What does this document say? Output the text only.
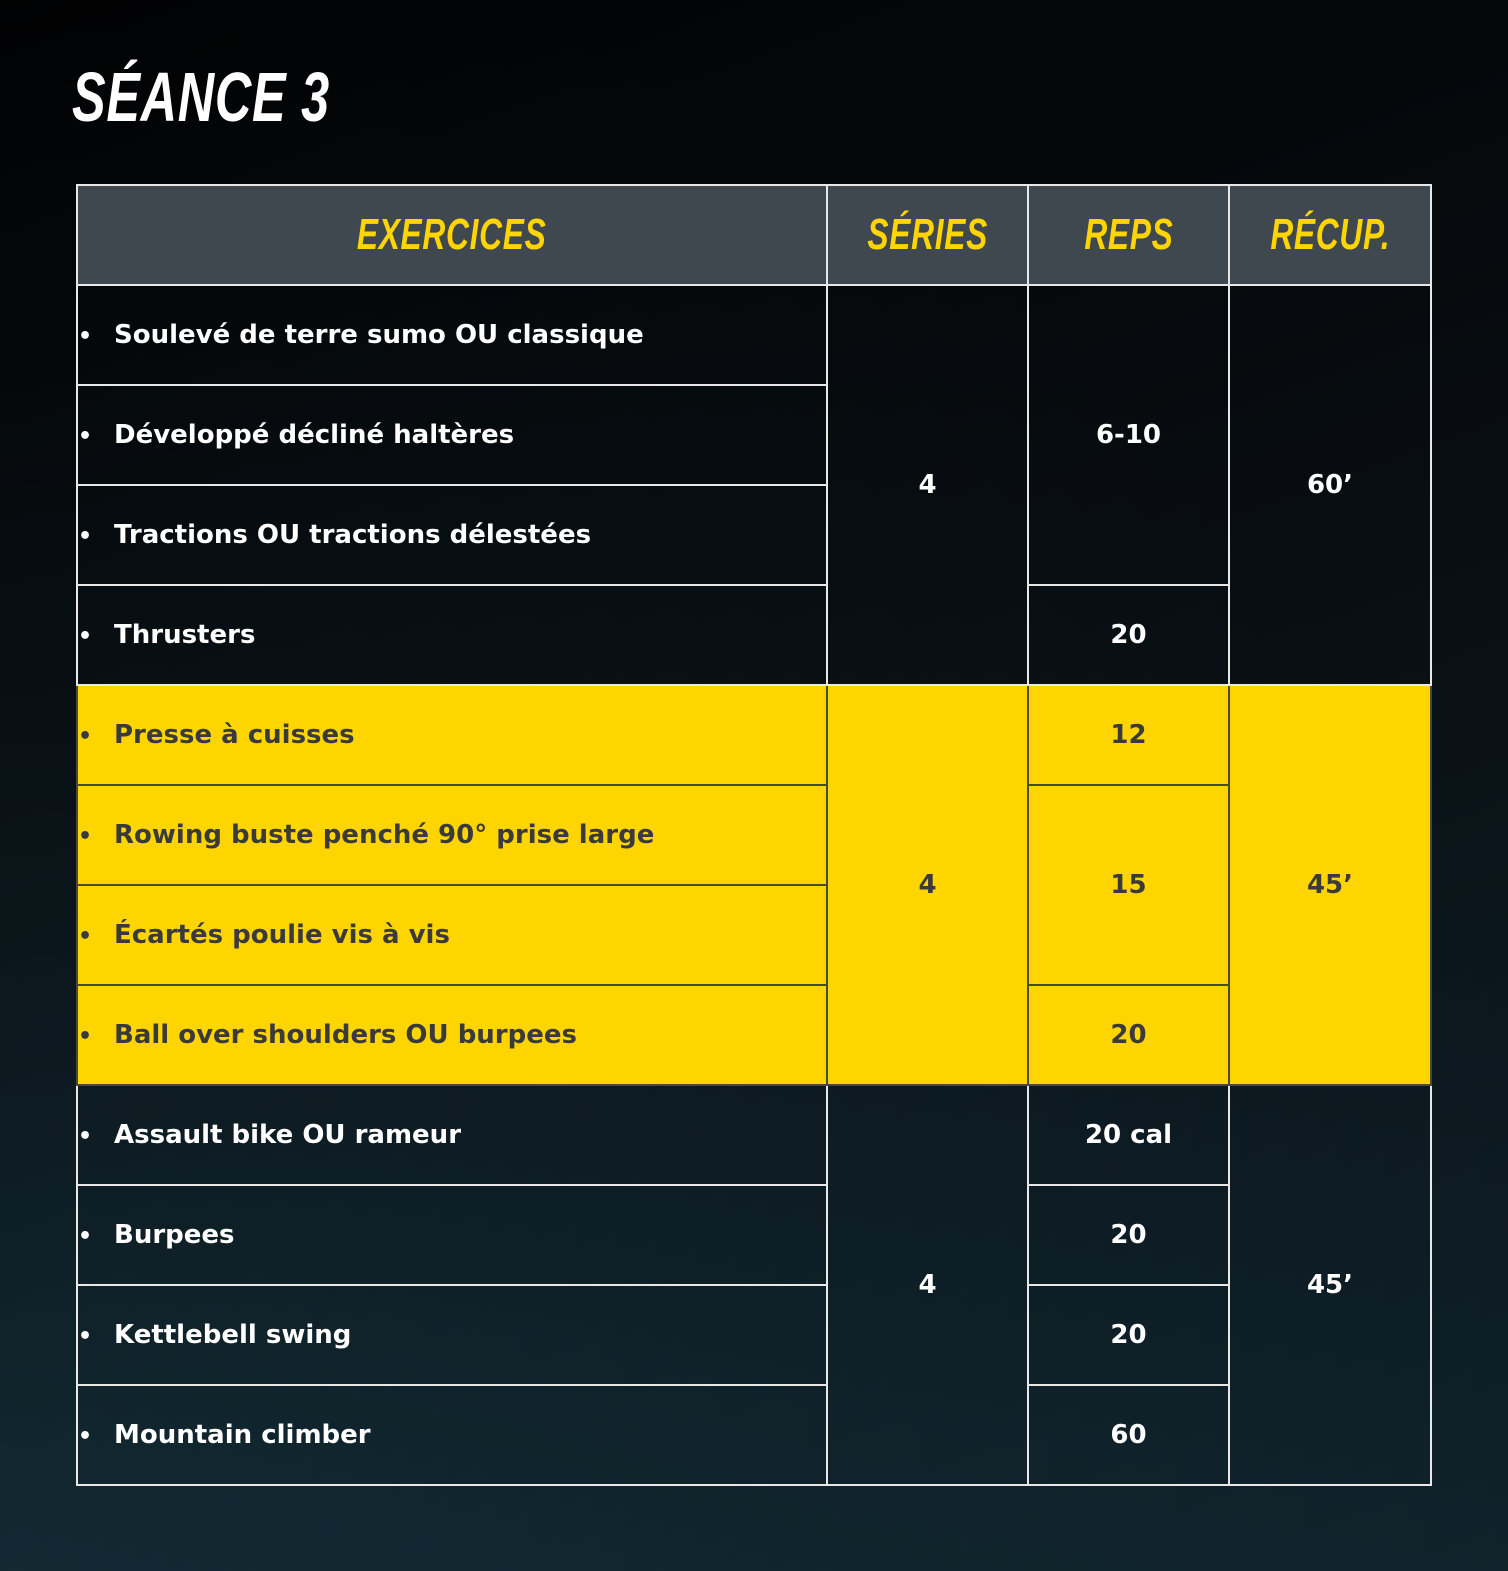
SÉANCE 3
EXERCICES	SÉRIES	REPS	RÉCUP.
• Soulevé de terre sumo OU classique	4	6-10	60’
• Développé décliné haltères			
• Tractions OU tractions délestées			
• Thrusters		20	
• Presse à cuisses	4	12	45’
• Rowing buste penché 90° prise large		15	
• Écartés poulie vis à vis			
• Ball over shoulders OU burpees		20	
• Assault bike OU rameur	4	20 cal	45’
• Burpees		20	
• Kettlebell swing		20	
• Mountain climber		60	
